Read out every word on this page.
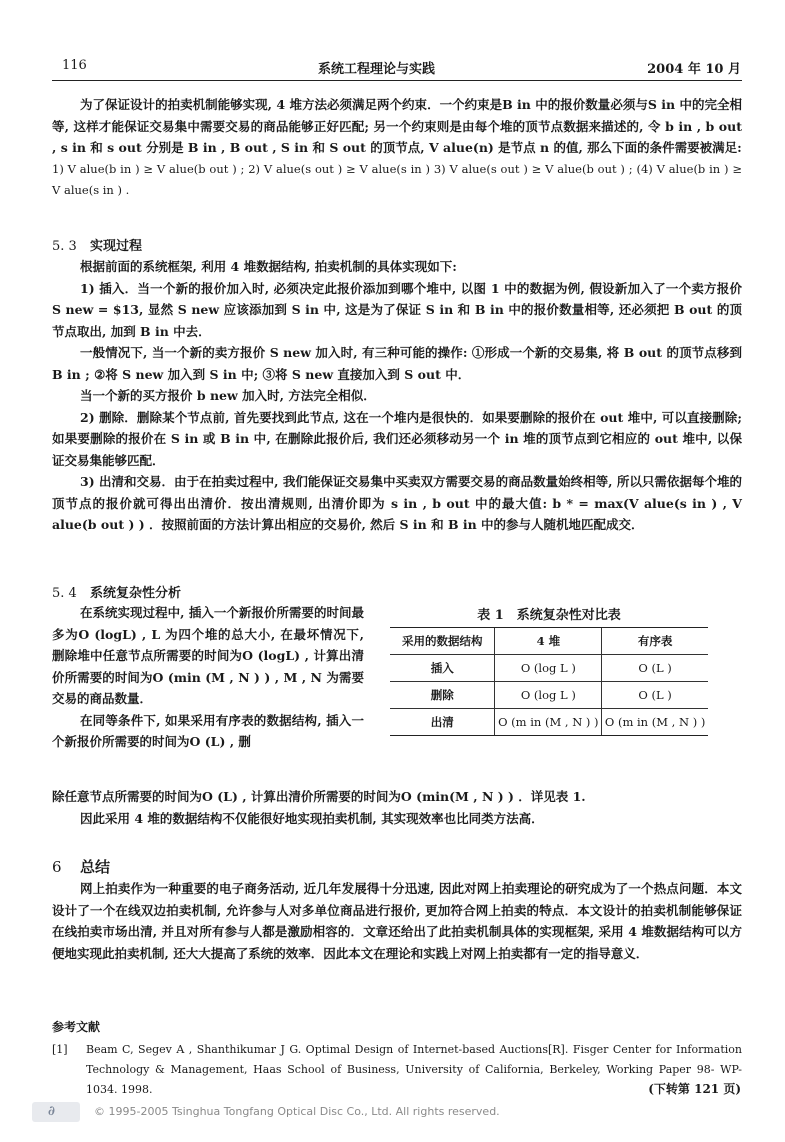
116	系统工程理论与实践	2004 年 10 月

为了保证设计的拍卖机制能够实现, 4 堆方法必须满足两个约束．一个约束是B in 中的报价数量必须与S in 中的完全相等, 这样才能保证交易集中需要交易的商品能够正好匹配; 另一个约束则是由每个堆的顶节点数据来描述的, 令 b in , b out , s in 和 s out 分别是 B in , B out , S in 和 S out 的顶节点, V alue(n) 是节点 n 的值, 那么下面的条件需要被满足:

1) V alue(b in ) ≥ V alue(b out ) ; 2) V alue(s out ) ≥ V alue(s in ) 3) V alue(s out ) ≥ V alue(b out ) ; (4) V alue(b in ) ≥ V alue(s in ) .

5. 3 实现过程

根据前面的系统框架, 利用 4 堆数据结构, 拍卖机制的具体实现如下:

1) 插入．当一个新的报价加入时, 必须决定此报价添加到哪个堆中, 以图 1 中的数据为例, 假设新加入了一个卖方报价 S new = $13, 显然 S new 应该添加到 S in 中, 这是为了保证 S in 和 B in 中的报价数量相等, 还必须把 B out 的顶节点取出, 加到 B in 中去．

一般情况下, 当一个新的卖方报价 S new 加入时, 有三种可能的操作: ①形成一个新的交易集, 将 B out 的顶节点移到 B in ; ②将 S new 加入到 S in 中; ③将 S new 直接加入到 S out 中．

当一个新的买方报价 b new 加入时, 方法完全相似．

2) 删除．删除某个节点前, 首先要找到此节点, 这在一个堆内是很快的．如果要删除的报价在 out 堆中, 可以直接删除; 如果要删除的报价在 S in 或 B in 中, 在删除此报价后, 我们还必须移动另一个 in 堆的顶节点到它相应的 out 堆中, 以保证交易集能够匹配．

3) 出清和交易．由于在拍卖过程中, 我们能保证交易集中买卖双方需要交易的商品数量始终相等, 所以只需依据每个堆的顶节点的报价就可得出出清价．按出清规则, 出清价即为 s in , b out 中的最大值: b * = max(V alue(s in ) , V alue(b out ) ) ．按照前面的方法计算出相应的交易价, 然后 S in 和 B in 中的参与人随机地匹配成交．

5. 4 系统复杂性分析

在系统实现过程中, 插入一个新报价所需要的时间最多为O (logL) , L 为四个堆的总大小, 在最坏情况下, 删除堆中任意节点所需要的时间为O (logL) , 计算出清价所需要的时间为O (min (M , N ) ) , M , N 为需要交易的商品数量．

在同等条件下, 如果采用有序表的数据结构, 插入一个新报价所需要的时间为O (L) , 删

表 1　系统复杂性对比表
采用的数据结构	4 堆	有序表
插入	O (log L )	O (L )
删除	O (log L )	O (L )
出清	O (m in (M , N ) )	O (m in (M , N ) )

除任意节点所需要的时间为O (L) , 计算出清价所需要的时间为O (min(M , N ) ) ．详见表 1.

因此采用 4 堆的数据结构不仅能很好地实现拍卖机制, 其实现效率也比同类方法高．

6 总结

网上拍卖作为一种重要的电子商务活动, 近几年发展得十分迅速, 因此对网上拍卖理论的研究成为了一个热点问题．本文设计了一个在线双边拍卖机制, 允许参与人对多单位商品进行报价, 更加符合网上拍卖的特点．本文设计的拍卖机制能够保证在线拍卖市场出清, 并且对所有参与人都是激励相容的．文章还给出了此拍卖机制具体的实现框架, 采用 4 堆数据结构可以方便地实现此拍卖机制, 还大大提高了系统的效率．因此本文在理论和实践上对网上拍卖都有一定的指导意义．

参考文献
[1] Beam C, Segev A , Shanthikumar J G. Optimal Design of Internet-based Auctions[R]. Fisger Center for Information Technology & Management, Haas School of Business, University of California, Berkeley, Working Paper 98- WP-1034. 1998.	(下转第 121 页)
∂	© 1995-2005 Tsinghua Tongfang Optical Disc Co., Ltd. All rights reserved.
